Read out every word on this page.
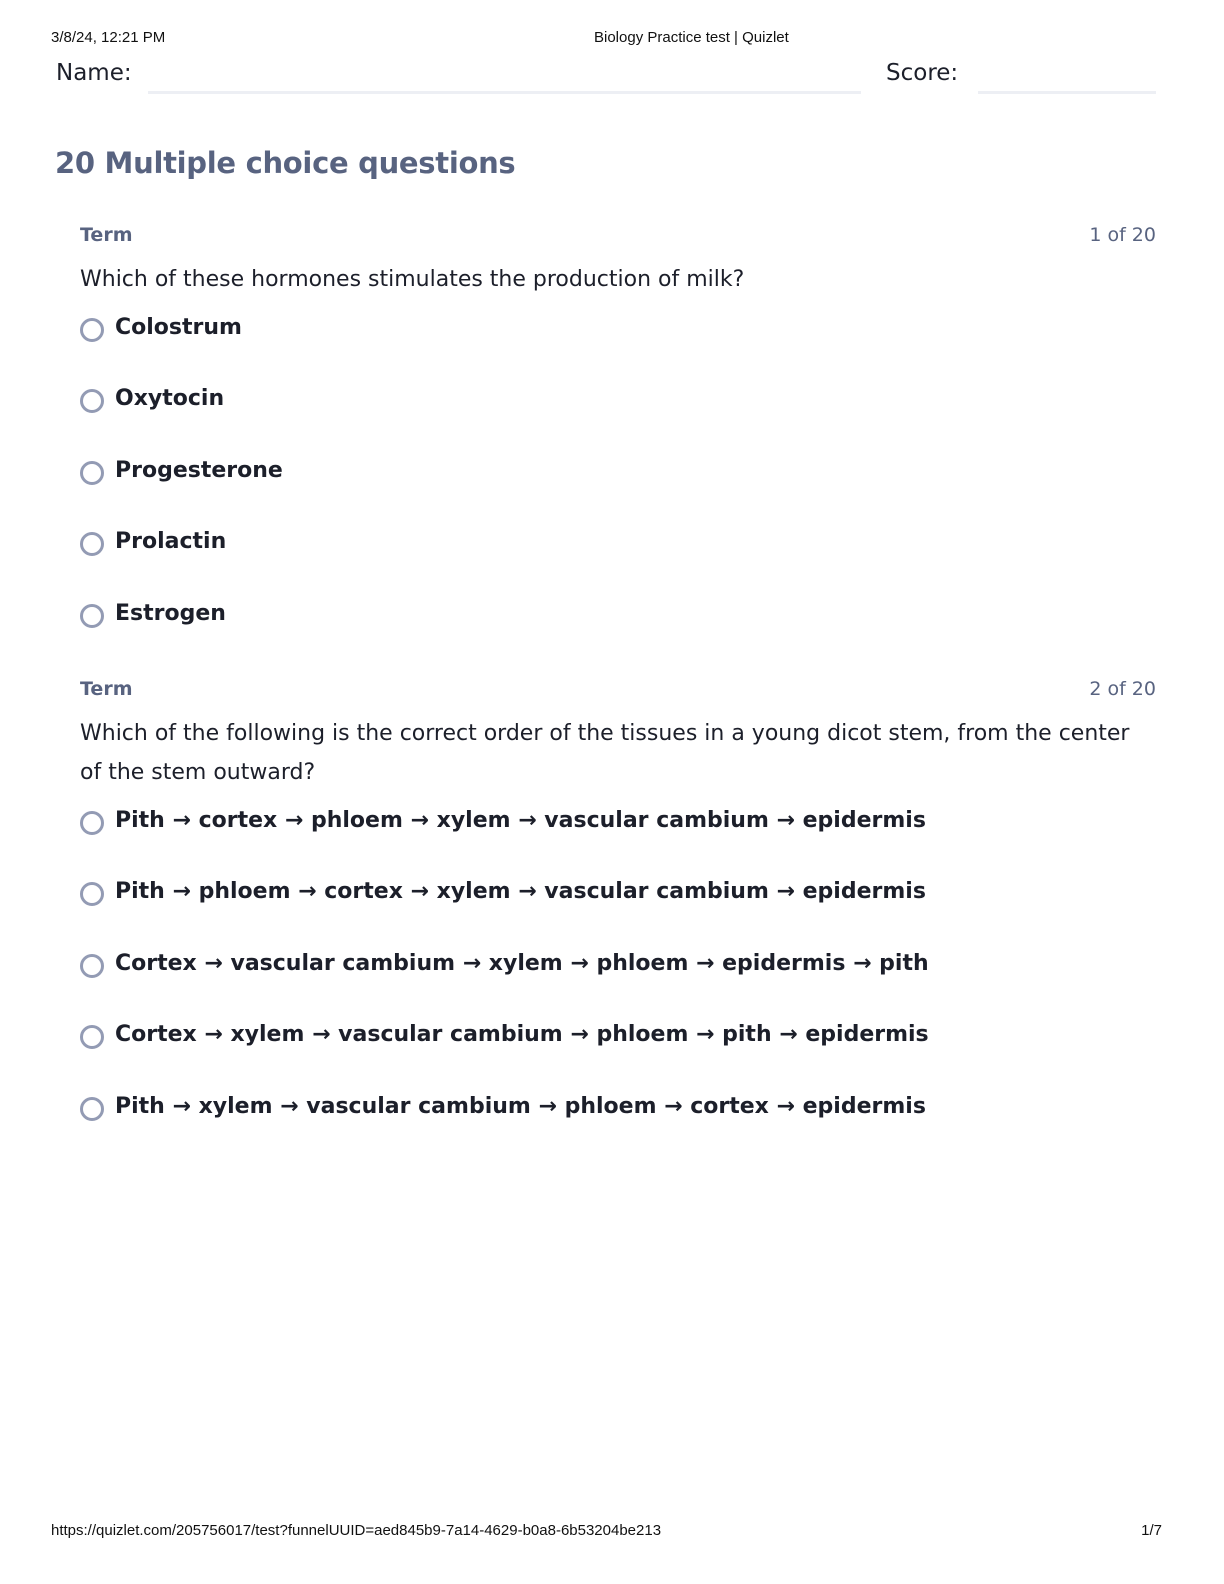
3/8/24, 12:21 PM	Biology Practice test | Quizlet
Name:	Score:
20 Multiple choice questions
Term	1 of 20
Which of these hormones stimulates the production of milk?
Colostrum
Oxytocin
Progesterone
Prolactin
Estrogen
Term	2 of 20
Which of the following is the correct order of the tissues in a young dicot stem, from the center of the stem outward?
Pith → cortex → phloem → xylem → vascular cambium → epidermis
Pith → phloem → cortex → xylem → vascular cambium → epidermis
Cortex → vascular cambium → xylem → phloem → epidermis → pith
Cortex → xylem → vascular cambium → phloem → pith → epidermis
Pith → xylem → vascular cambium → phloem → cortex → epidermis
https://quizlet.com/205756017/test?funnelUUID=aed845b9-7a14-4629-b0a8-6b53204be213	1/7
